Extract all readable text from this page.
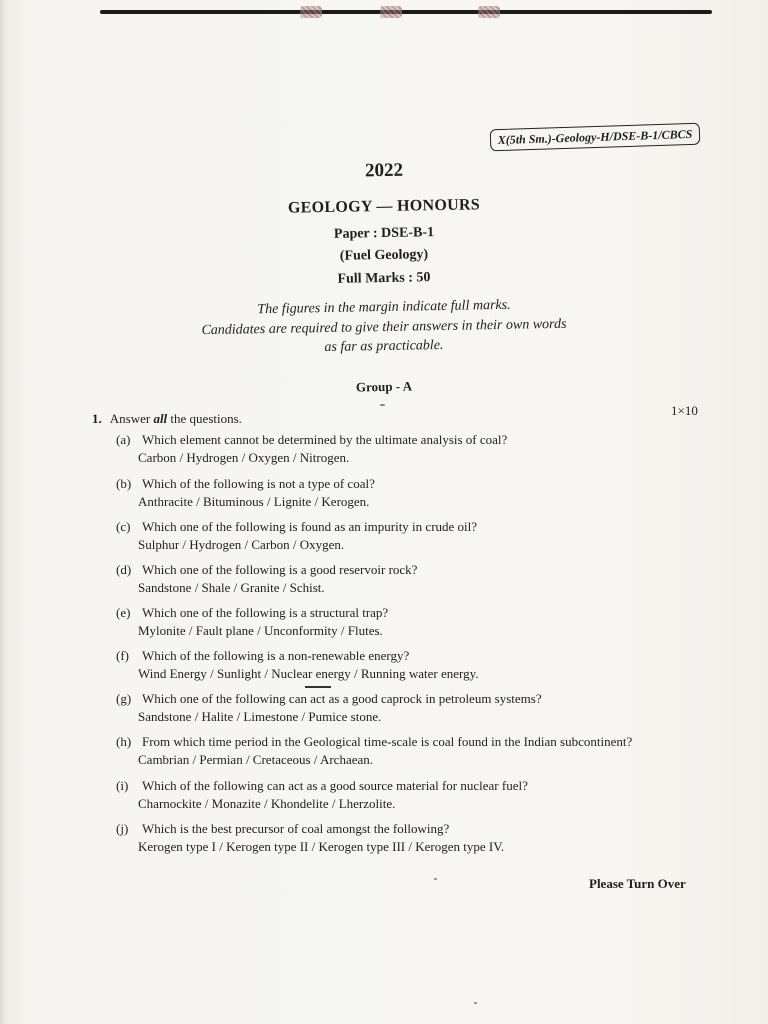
X(5th Sm.)-Geology-H/DSE-B-1/CBCS
2022
GEOLOGY — HONOURS
Paper : DSE-B-1
(Fuel Geology)
Full Marks : 50
The figures in the margin indicate full marks.
Candidates are required to give their answers in their own words
as far as practicable.
Group - A
1. Answer all the questions.
1×10
(a) Which element cannot be determined by the ultimate analysis of coal?
Carbon / Hydrogen / Oxygen / Nitrogen.
(b) Which of the following is not a type of coal?
Anthracite / Bituminous / Lignite / Kerogen.
(c) Which one of the following is found as an impurity in crude oil?
Sulphur / Hydrogen / Carbon / Oxygen.
(d) Which one of the following is a good reservoir rock?
Sandstone / Shale / Granite / Schist.
(e) Which one of the following is a structural trap?
Mylonite / Fault plane / Unconformity / Flutes.
(f) Which of the following is a non-renewable energy?
Wind Energy / Sunlight / Nuclear energy / Running water energy.
(g) Which one of the following can act as a good caprock in petroleum systems?
Sandstone / Halite / Limestone / Pumice stone.
(h) From which time period in the Geological time-scale is coal found in the Indian subcontinent?
Cambrian / Permian / Cretaceous / Archaean.
(i) Which of the following can act as a good source material for nuclear fuel?
Charnockite / Monazite / Khondelite / Lherzolite.
(j) Which is the best precursor of coal amongst the following?
Kerogen type I / Kerogen type II / Kerogen type III / Kerogen type IV.
Please Turn Over
